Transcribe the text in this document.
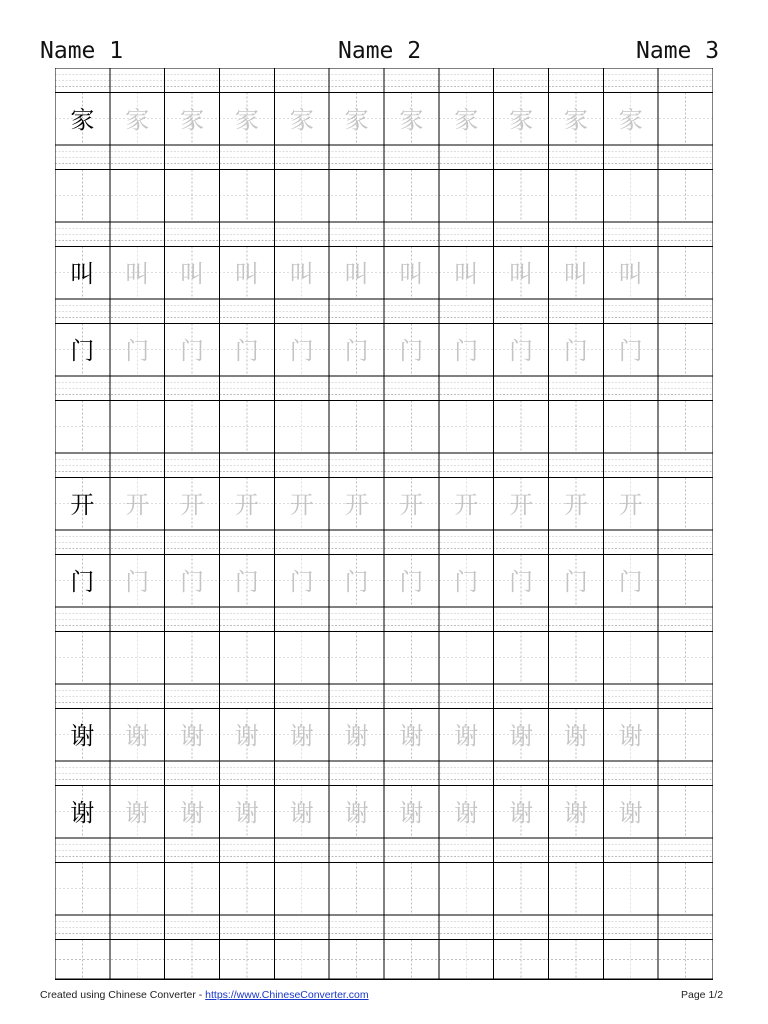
Name 1	Name 2	Name 3
家 家 家 家 家 家 家 家 家 家 家
叫 叫 叫 叫 叫 叫 叫 叫 叫 叫 叫
门 门 门 门 门 门 门 门 门 门 门
开 开 开 开 开 开 开 开 开 开 开
门 门 门 门 门 门 门 门 门 门 门
谢 谢 谢 谢 谢 谢 谢 谢 谢 谢 谢
谢 谢 谢 谢 谢 谢 谢 谢 谢 谢 谢
Created using Chinese Converter - https://www.ChineseConverter.com	Page 1/2
